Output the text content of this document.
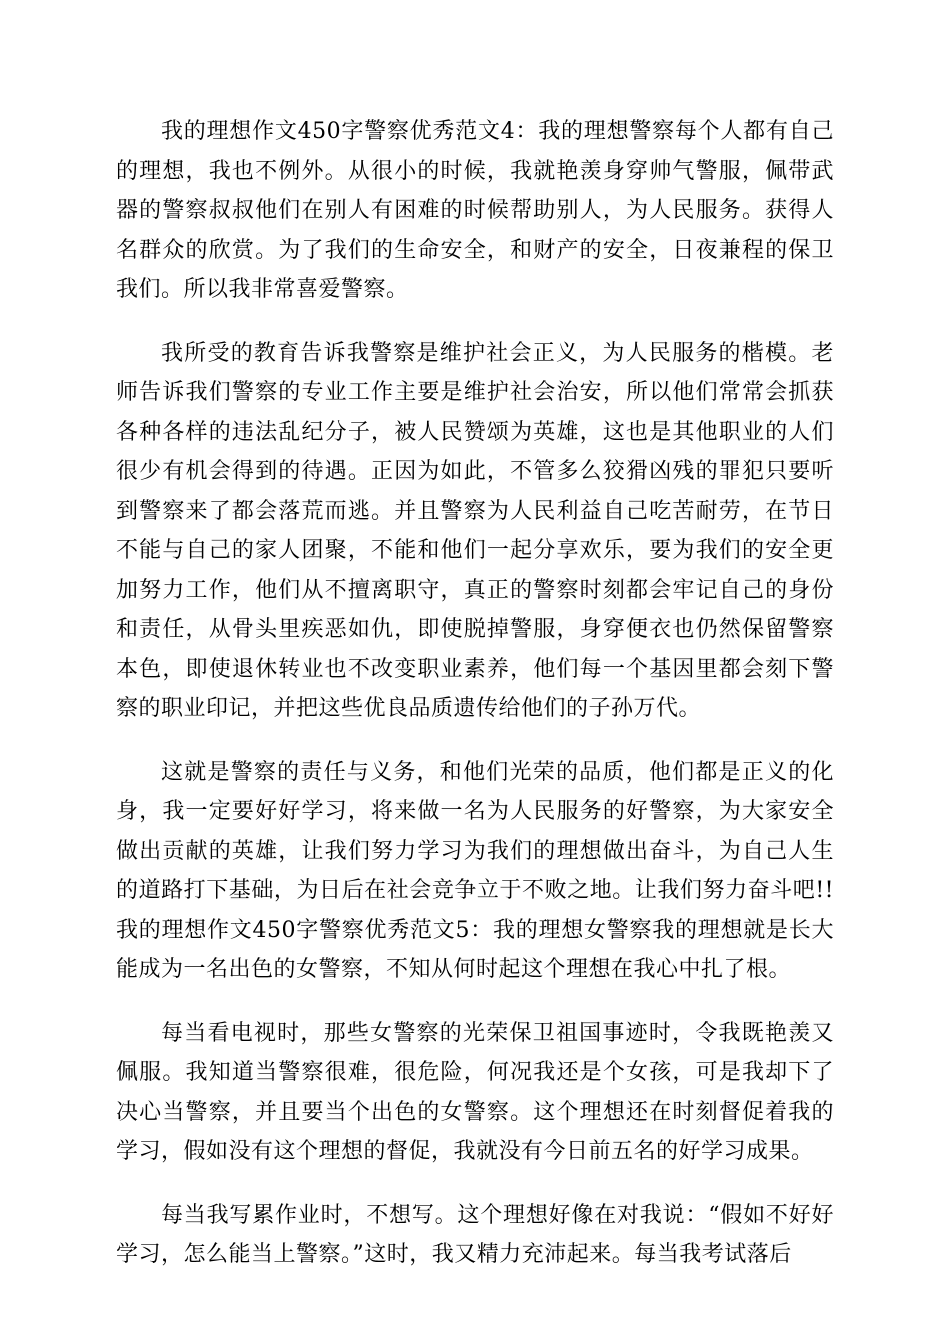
我的理想作文450字警察优秀范文4：我的理想警察每个人都有自己的理想，我也不例外。从很小的时候，我就艳羡身穿帅气警服，佩带武器的警察叔叔他们在别人有困难的时候帮助别人，为人民服务。获得人名群众的欣赏。为了我们的生命安全，和财产的安全，日夜兼程的保卫我们。所以我非常喜爱警察。

我所受的教育告诉我警察是维护社会正义，为人民服务的楷模。老师告诉我们警察的专业工作主要是维护社会治安，所以他们常常会抓获各种各样的违法乱纪分子，被人民赞颂为英雄，这也是其他职业的人们很少有机会得到的待遇。正因为如此，不管多么狡猾凶残的罪犯只要听到警察来了都会落荒而逃。并且警察为人民利益自己吃苦耐劳，在节日不能与自己的家人团聚，不能和他们一起分享欢乐，要为我们的安全更加努力工作，他们从不擅离职守，真正的警察时刻都会牢记自己的身份和责任，从骨头里疾恶如仇，即使脱掉警服，身穿便衣也仍然保留警察本色，即使退休转业也不改变职业素养，他们每一个基因里都会刻下警察的职业印记，并把这些优良品质遗传给他们的子孙万代。

这就是警察的责任与义务，和他们光荣的品质，他们都是正义的化身，我一定要好好学习，将来做一名为人民服务的好警察，为大家安全做出贡献的英雄，让我们努力学习为我们的理想做出奋斗，为自己人生的道路打下基础，为日后在社会竞争立于不败之地。让我们努力奋斗吧!!我的理想作文450字警察优秀范文5：我的理想女警察我的理想就是长大能成为一名出色的女警察，不知从何时起这个理想在我心中扎了根。

每当看电视时，那些女警察的光荣保卫祖国事迹时，令我既艳羡又佩服。我知道当警察很难，很危险，何况我还是个女孩，可是我却下了决心当警察，并且要当个出色的女警察。这个理想还在时刻督促着我的学习，假如没有这个理想的督促，我就没有今日前五名的好学习成果。

每当我写累作业时，不想写。这个理想好像在对我说：“假如不好好学习，怎么能当上警察。”这时，我又精力充沛起来。每当我考试落后
